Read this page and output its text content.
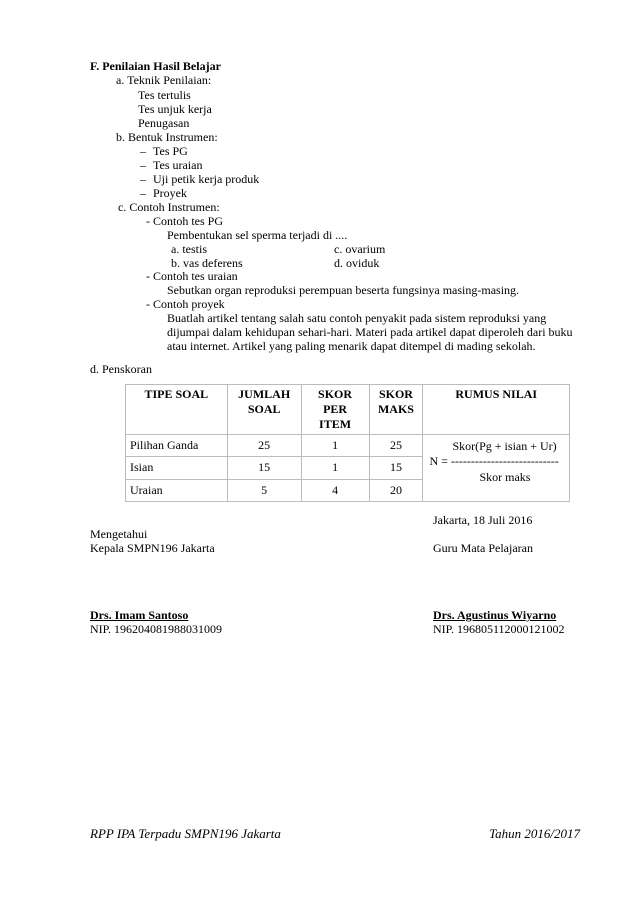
F. Penilaian Hasil Belajar
a. Teknik Penilaian:
Tes tertulis
Tes unjuk kerja
Penugasan
b. Bentuk Instrumen:
– Tes PG
– Tes uraian
– Uji petik kerja produk
– Proyek
c. Contoh Instrumen:
- Contoh tes PG
Pembentukan sel sperma terjadi di ....
a. testis	c. ovarium
b. vas deferens	d. oviduk
- Contoh tes uraian
Sebutkan organ reproduksi perempuan beserta fungsinya masing-masing.
- Contoh proyek
Buatlah artikel tentang salah satu contoh penyakit pada sistem reproduksi yang
dijumpai dalam kehidupan sehari-hari. Materi pada artikel dapat diperoleh dari buku
atau internet. Artikel yang paling menarik dapat ditempel di mading sekolah.
d. Penskoran
TIPE SOAL	JUMLAH SOAL	SKOR PER ITEM	SKOR MAKS	RUMUS NILAI
Pilihan Ganda	25	1	25	Skor(Pg + isian + Ur)
N = ---------------------------
Skor maks

Isian	15	1	15	
Uraian	5	4	20	
Jakarta, 18 Juli 2016
Mengetahui
Kepala SMPN196 Jakarta	Guru Mata Pelajaran
Drs. Imam Santoso
NIP. 196204081988031009
Drs. Agustinus Wiyarno
NIP. 196805112000121002
RPP IPA Terpadu SMPN196 Jakarta	Tahun 2016/2017
